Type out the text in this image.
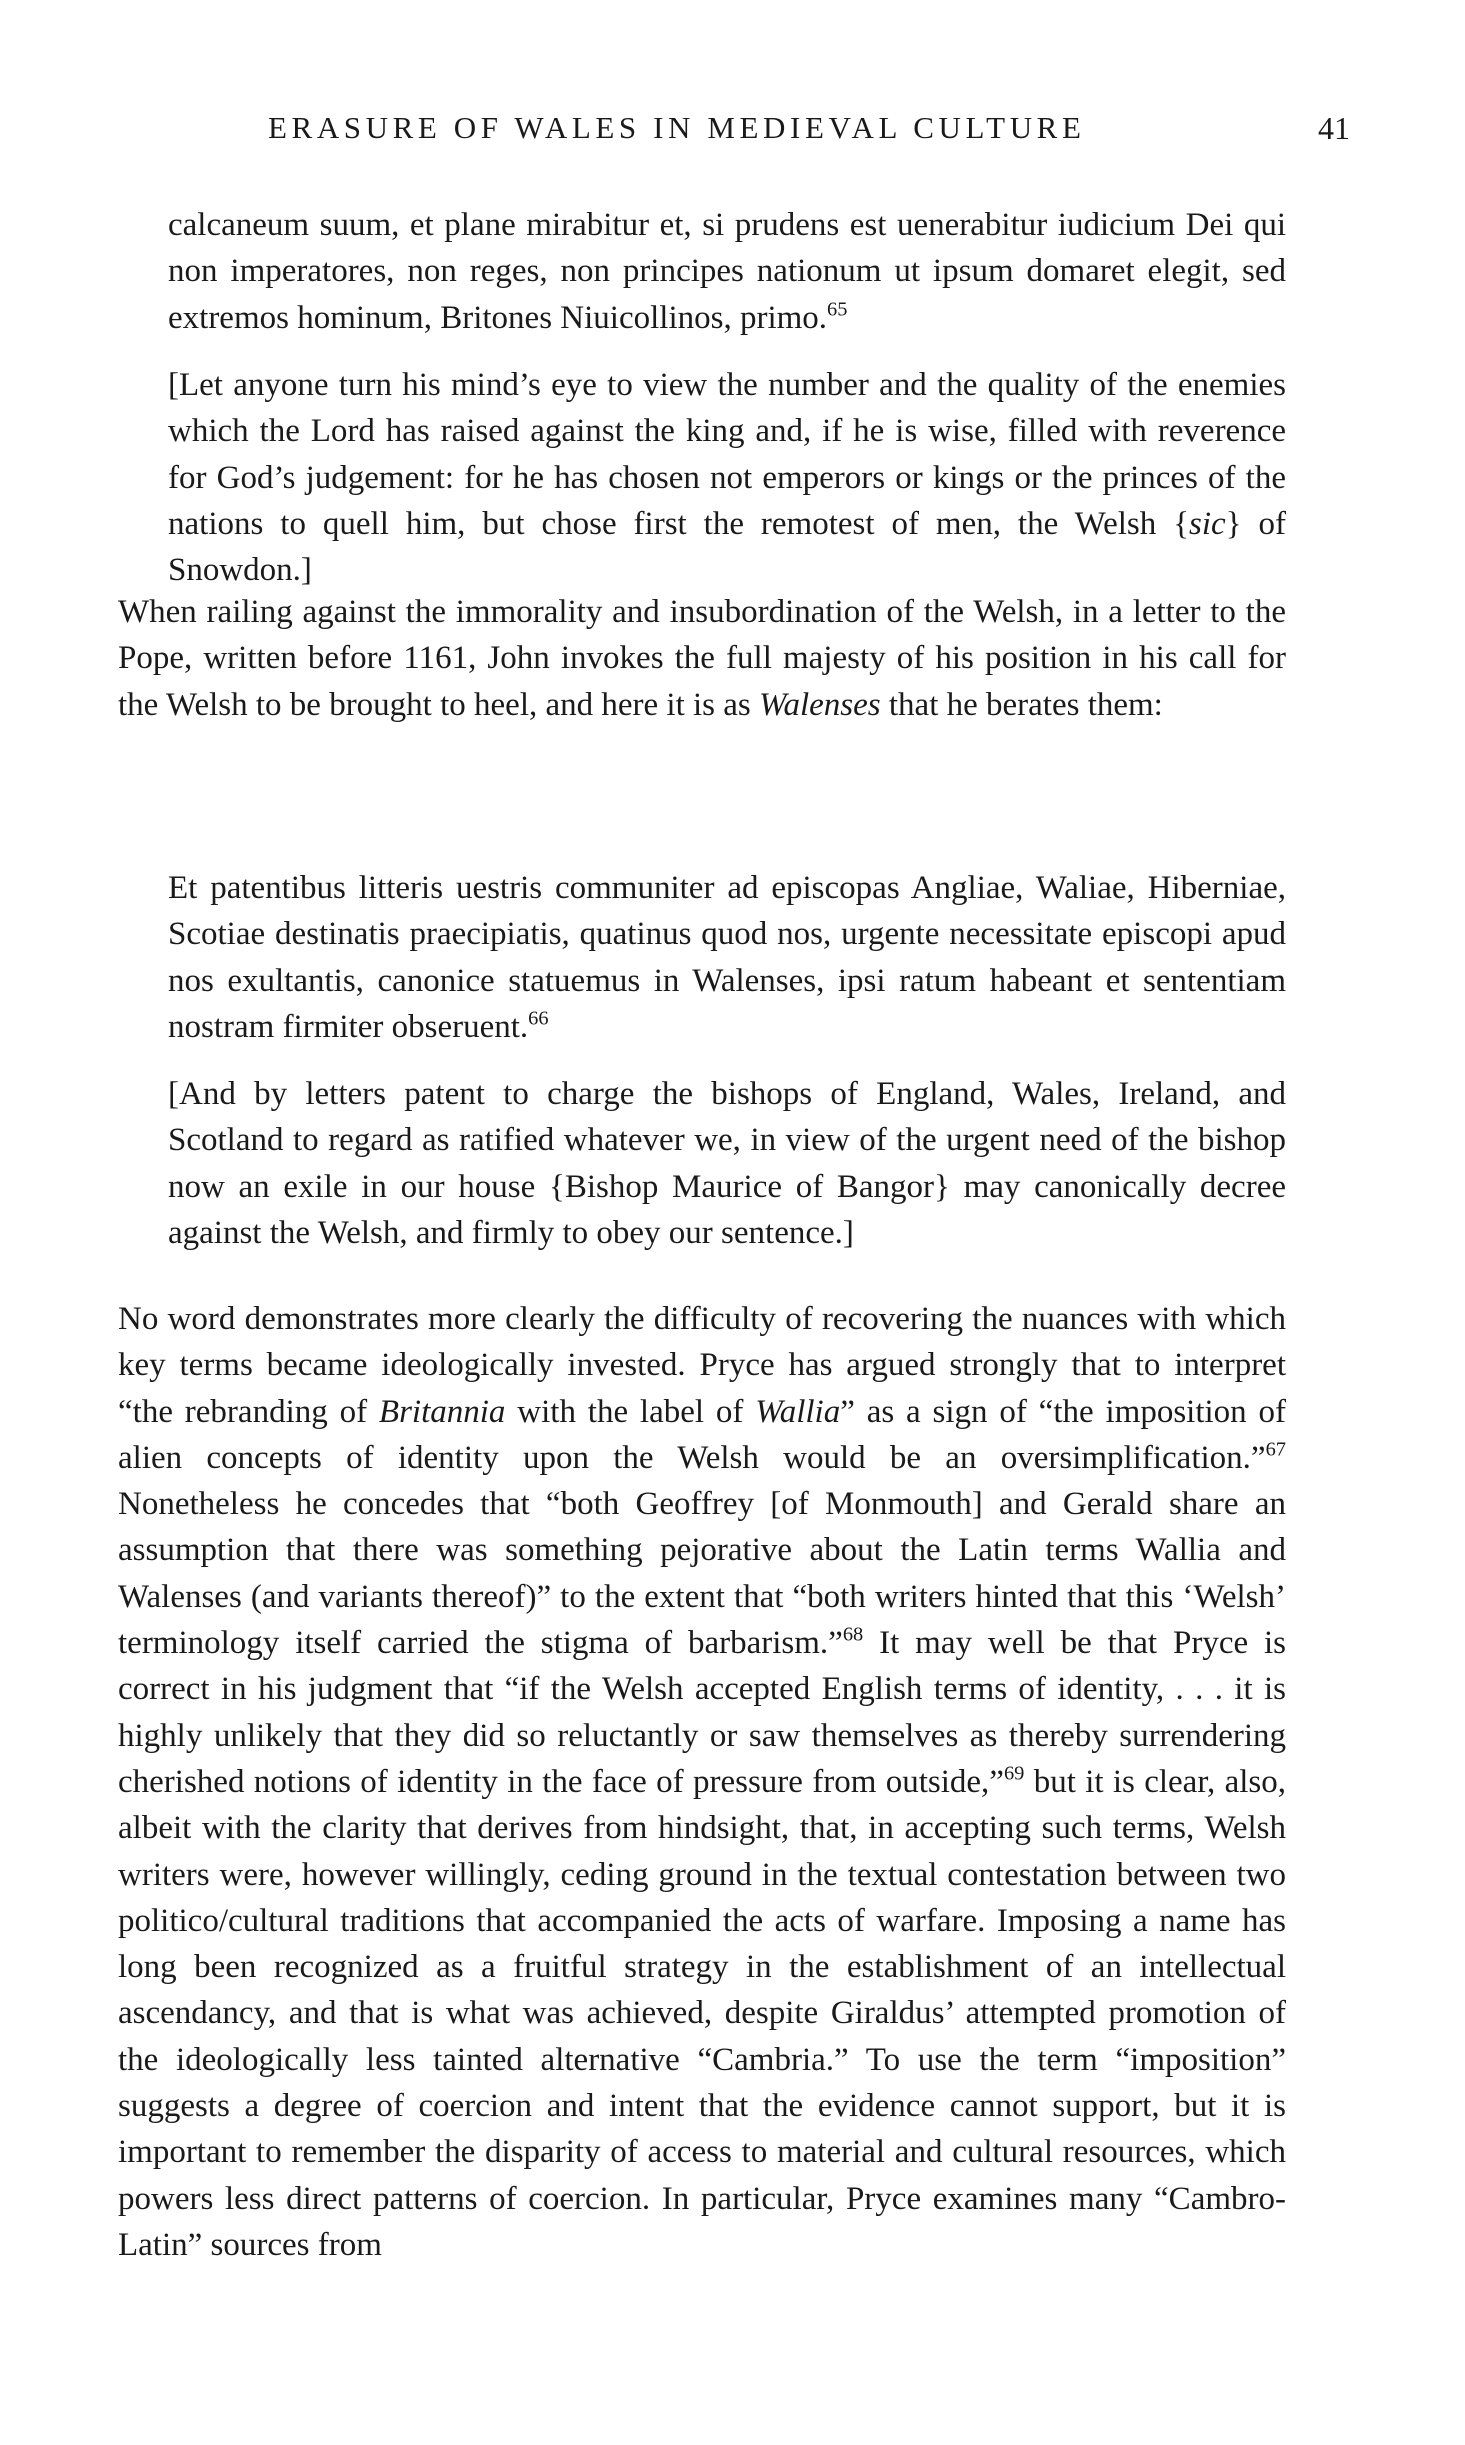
ERASURE OF WALES IN MEDIEVAL CULTURE	41

calcaneum suum, et plane mirabitur et, si prudens est uenerabitur iudicium Dei qui non imperatores, non reges, non principes nationum ut ipsum domaret elegit, sed extremos hominum, Britones Niuicollinos, primo.$^{65}$

[Let anyone turn his mind’s eye to view the number and the quality of the enemies which the Lord has raised against the king and, if he is wise, filled with reverence for God’s judgement: for he has chosen not emperors or kings or the princes of the nations to quell him, but chose first the remotest of men, the Welsh {sic} of Snowdon.]

When railing against the immorality and insubordination of the Welsh, in a letter to the Pope, written before 1161, John invokes the full majesty of his position in his call for the Welsh to be brought to heel, and here it is as Walenses that he berates them:

Et patentibus litteris uestris communiter ad episcopas Angliae, Waliae, Hiberniae, Scotiae destinatis praecipiatis, quatinus quod nos, urgente necessitate episcopi apud nos exultantis, canonice statuemus in Walenses, ipsi ratum habeant et sententiam nostram firmiter obseruent.$^{66}$

[And by letters patent to charge the bishops of England, Wales, Ireland, and Scotland to regard as ratified whatever we, in view of the urgent need of the bishop now an exile in our house {Bishop Maurice of Bangor} may canonically decree against the Welsh, and firmly to obey our sentence.]

No word demonstrates more clearly the difficulty of recovering the nuances with which key terms became ideologically invested. Pryce has argued strongly that to interpret “the rebranding of Britannia with the label of Wallia” as a sign of “the imposition of alien concepts of identity upon the Welsh would be an oversimplification.”$^{67}$ Nonetheless he concedes that “both Geoffrey [of Monmouth] and Gerald share an assumption that there was something pejorative about the Latin terms Wallia and Walenses (and variants thereof)” to the extent that “both writers hinted that this ‘Welsh’ terminology itself carried the stigma of barbarism.”$^{68}$ It may well be that Pryce is correct in his judgment that “if the Welsh accepted English terms of identity, . . . it is highly unlikely that they did so reluctantly or saw themselves as thereby surrendering cherished notions of identity in the face of pressure from outside,”$^{69}$ but it is clear, also, albeit with the clarity that derives from hindsight, that, in accepting such terms, Welsh writers were, however willingly, ceding ground in the textual contestation between two politico/cultural traditions that accompanied the acts of warfare. Imposing a name has long been recognized as a fruitful strategy in the establishment of an intellectual ascendancy, and that is what was achieved, despite Giraldus’ attempted promotion of the ideologically less tainted alternative “Cambria.” To use the term “imposition” suggests a degree of coercion and intent that the evidence cannot support, but it is important to remember the disparity of access to material and cultural resources, which powers less direct patterns of coercion. In particular, Pryce examines many “Cambro-Latin” sources from
